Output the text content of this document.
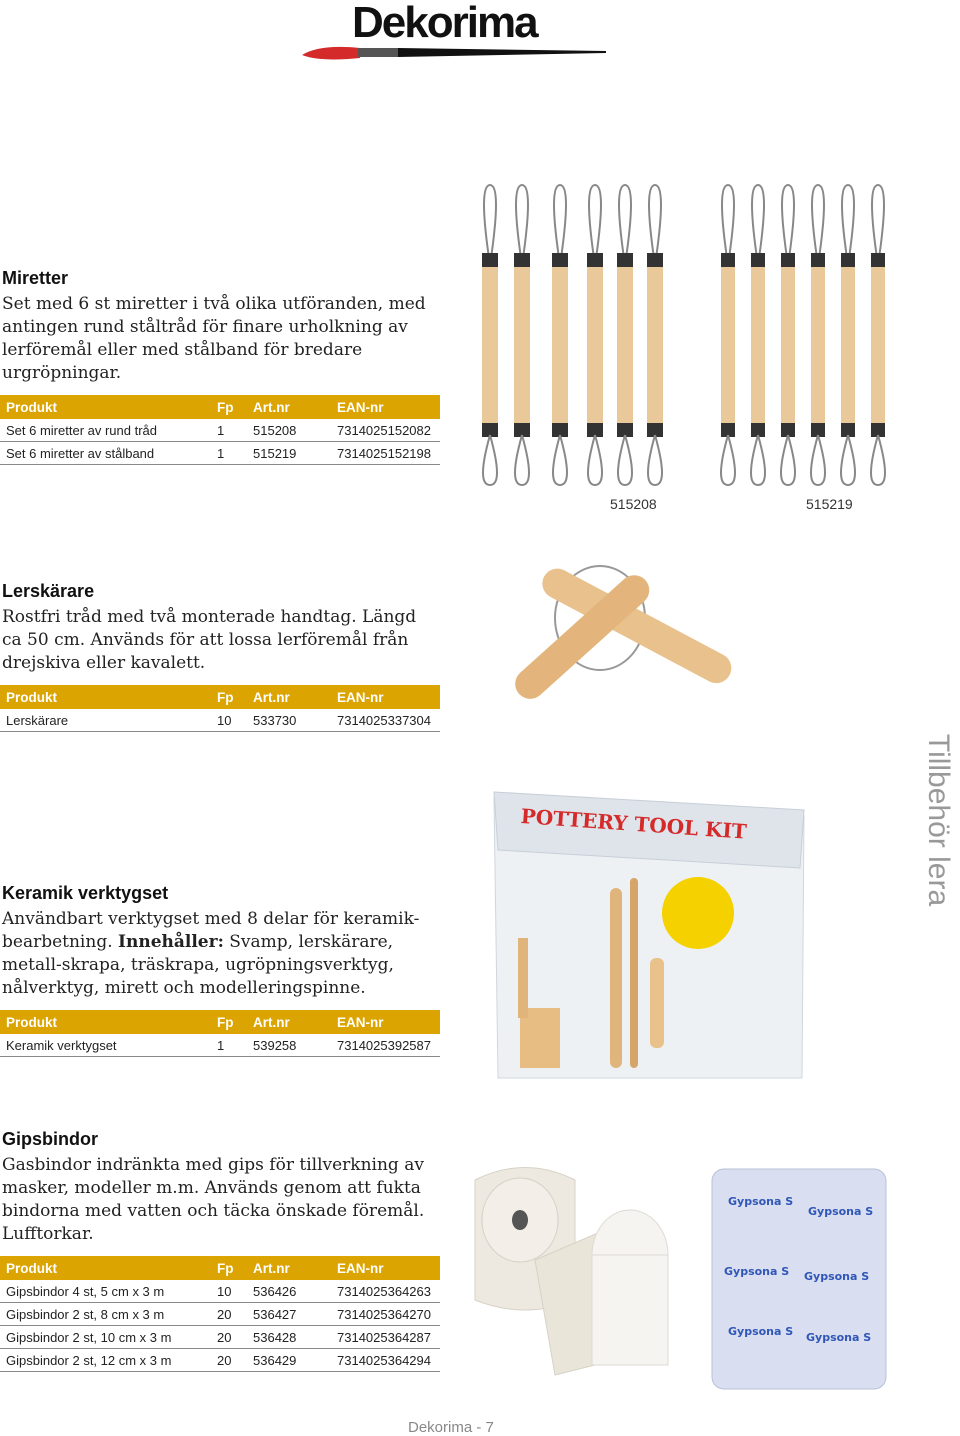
Dekorima
Miretter
Set med 6 st miretter i två olika utföranden, med antingen rund ståltråd för finare urholkning av lerföremål eller med stålband för bredare urgröpningar.
Produkt	Fp	Art.nr	EAN-nr
Set 6 miretter av rund tråd	1	515208	7314025152082
Set 6 miretter av stålband	1	515219	7314025152198
515208	515219
Lerskärare
Rostfri tråd med två monterade handtag. Längd ca 50 cm. Används för att lossa lerföremål från drejskiva eller kavalett.
Produkt	Fp	Art.nr	EAN-nr
Lerskärare	10	533730	7314025337304
Keramik verktygset
Användbart verktygset med 8 delar för keramik-bearbetning. Innehåller: Svamp, lerskärare, metall-skrapa, träskrapa, ugröpningsverktyg, nålverktyg, mirett och modelleringspinne.
Produkt	Fp	Art.nr	EAN-nr
Keramik verktygset	1	539258	7314025392587
POTTERY TOOL KIT	Tillbehör lera
Gipsbindor
Gasbindor indränkta med gips för tillverkning av masker, modeller m.m. Används genom att fukta bindorna med vatten och täcka önskade föremål. Lufftorkar.
Produkt	Fp	Art.nr	EAN-nr
Gipsbindor 4 st, 5 cm x 3 m	10	536426	7314025364263
Gipsbindor 2 st, 8 cm x 3 m	20	536427	7314025364270
Gipsbindor 2 st, 10 cm x 3 m	20	536428	7314025364287
Gipsbindor 2 st, 12 cm x 3 m	20	536429	7314025364294
Gypsona S
Gypsona S
Gypsona S Gypsona S
Gypsona S Gypsona S
Dekorima - 7
